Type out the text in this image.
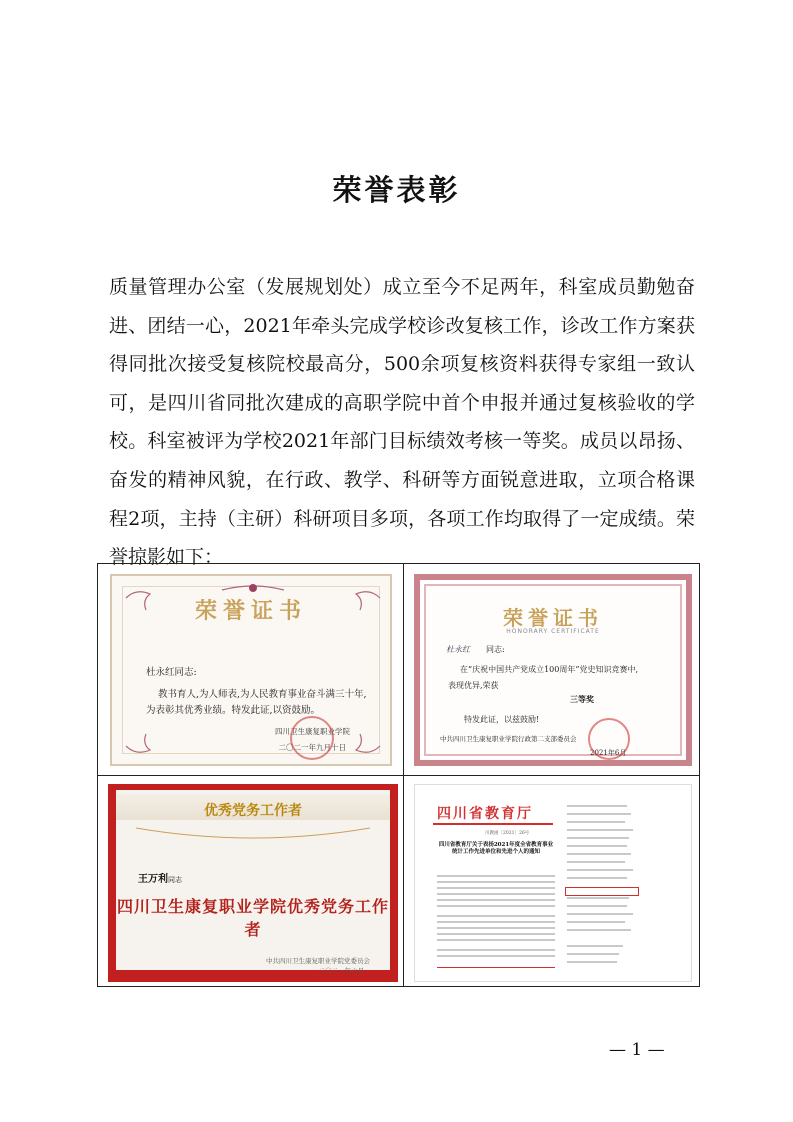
荣誉表彰

质量管理办公室（发展规划处）成立至今不足两年，科室成员勤勉奋进、团结一心，2021年牵头完成学校诊改复核工作，诊改工作方案获得同批次接受复核院校最高分，500余项复核资料获得专家组一致认可，是四川省同批次建成的高职学院中首个申报并通过复核验收的学校。科室被评为学校2021年部门目标绩效考核一等奖。成员以昂扬、奋发的精神风貌，在行政、教学、科研等方面锐意进取，立项合格课程2项，主持（主研）科研项目多项，各项工作均取得了一定成绩。荣誉掠影如下：

荣誉证书
杜永红同志:
教书育人,为人师表,为人民教育事业奋斗满三十年,
为表彰其优秀业绩。特发此证,以资鼓励。
四川卫生康复职业学院
二〇二一年九月十日
荣誉证书
HONORARY CERTIFICATE
杜永红 同志:
在“庆祝中国共产党成立100周年”党史知识竞赛中,
表现优异,荣获
三等奖
特发此证，以兹鼓励!
中共四川卫生康复职业学院行政第二支部委员会
2021年6月
优秀党务工作者
王万利同志
四川卫生康复职业学院优秀党务工作者
中共四川卫生康复职业学院党委员会
二〇二一年六月
四川省教育厅
川教函〔2021〕26号
四川省教育厅关于表扬2021年度全省教育事业统计工作先进单位和先进个人的通知
— 1 —
